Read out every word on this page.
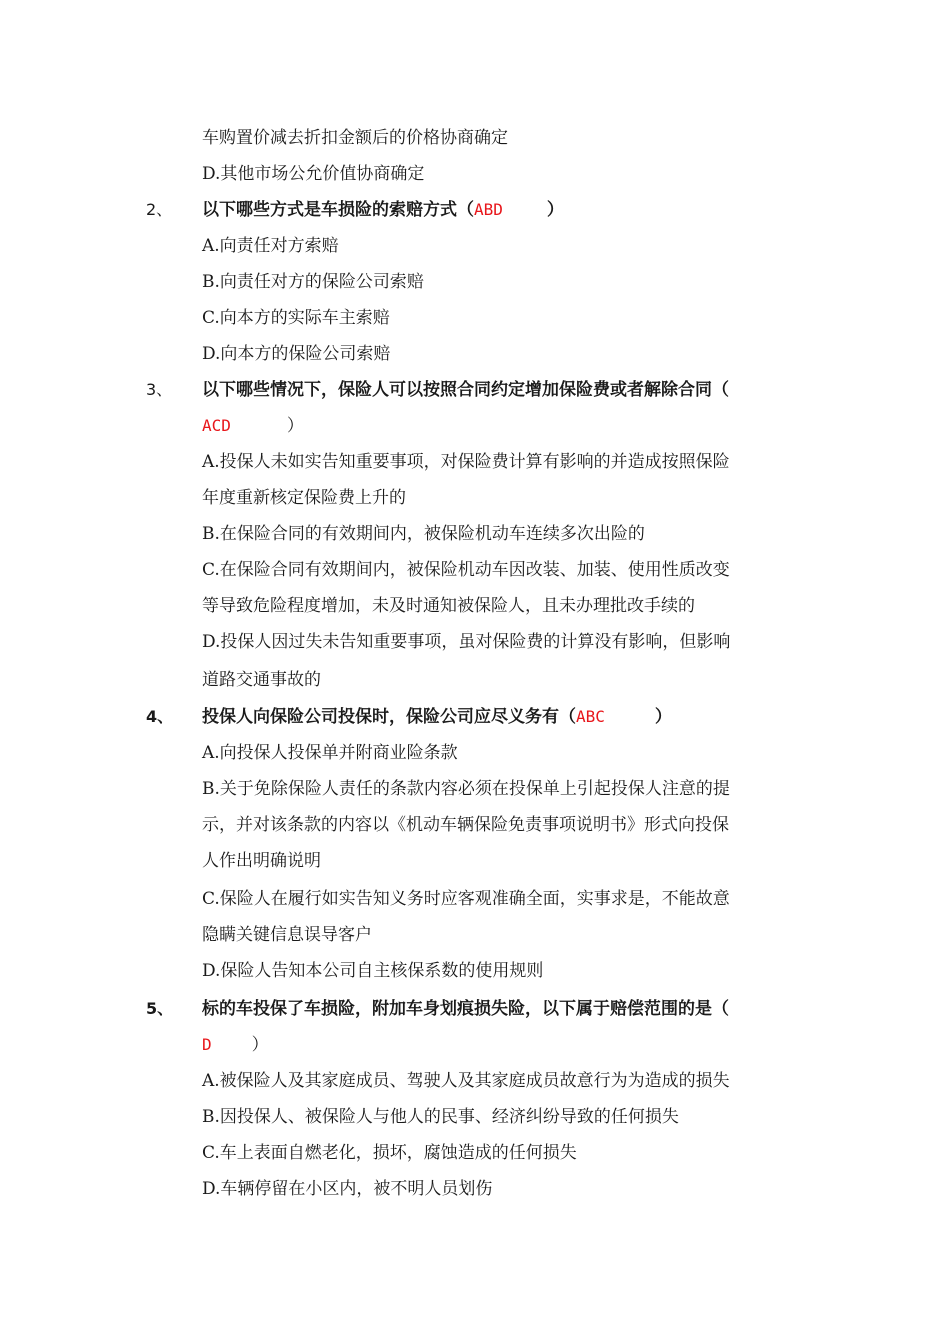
车购置价减去折扣金额后的价格协商确定
D.其他市场公允价值协商确定
2、 以下哪些方式是车损险的索赔方式（ABD	）
A.向责任对方索赔
B.向责任对方的保险公司索赔
C.向本方的实际车主索赔
D.向本方的保险公司索赔
3、 以下哪些情况下，保险人可以按照合同约定增加保险费或者解除合同（
ACD	）
A.投保人未如实告知重要事项，对保险费计算有影响的并造成按照保险
年度重新核定保险费上升的
B.在保险合同的有效期间内，被保险机动车连续多次出险的
C.在保险合同有效期间内，被保险机动车因改装、加装、使用性质改变
等导致危险程度增加，未及时通知被保险人，且未办理批改手续的
D.投保人因过失未告知重要事项，虽对保险费的计算没有影响，但影响
道路交通事故的
4、 投保人向保险公司投保时，保险公司应尽义务有（ABC	）
A.向投保人投保单并附商业险条款
B.关于免除保险人责任的条款内容必须在投保单上引起投保人注意的提
示，并对该条款的内容以《机动车辆保险免责事项说明书》形式向投保
人作出明确说明
C.保险人在履行如实告知义务时应客观准确全面，实事求是，不能故意
隐瞒关键信息误导客户
D.保险人告知本公司自主核保系数的使用规则
5、 标的车投保了车损险，附加车身划痕损失险，以下属于赔偿范围的是（
D ）
A.被保险人及其家庭成员、驾驶人及其家庭成员故意行为为造成的损失
B.因投保人、被保险人与他人的民事、经济纠纷导致的任何损失
C.车上表面自燃老化，损坏，腐蚀造成的任何损失
D.车辆停留在小区内，被不明人员划伤
